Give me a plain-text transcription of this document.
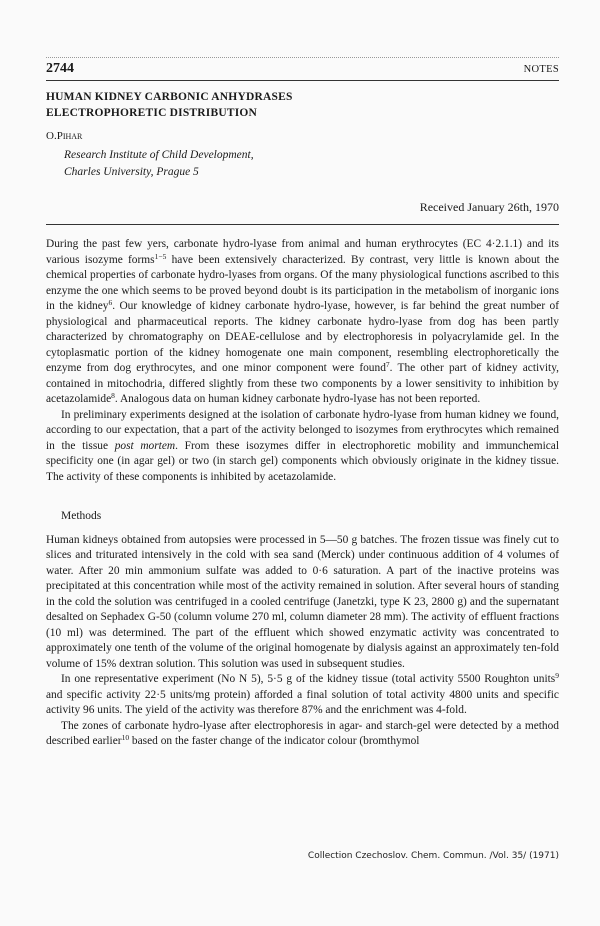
2744	NOTES
HUMAN KIDNEY CARBONIC ANHYDRASES
ELECTROPHORETIC DISTRIBUTION
O.Pihar
Research Institute of Child Development,
Charles University, Prague 5
Received January 26th, 1970

During the past few yers, carbonate hydro-lyase from animal and human erythrocytes (EC 4·2.1.1) and its various isozyme forms$^{1-5}$ have been extensively characterized. By contrast, very little is known about the chemical properties of carbonate hydro-lyases from organs. Of the many physiological functions ascribed to this enzyme the one which seems to be proved beyond doubt is its participation in the metabolism of inorganic ions in the kidney$^6$. Our knowledge of kidney carbonate hydro-lyase, however, is far behind the great number of physiological and pharmaceutical reports. The kidney carbonate hydro-lyase from dog has been partly characterized by chromatography on DEAE-cellulose and by electrophoresis in polyacrylamide gel. In the cytoplasmatic portion of the kidney homogenate one main component, resembling electrophoretically the enzyme from dog erythrocytes, and one minor component were found$^7$. The other part of kidney activity, contained in mitochodria, differed slightly from these two components by a lower sensitivity to inhibition by acetazolamide$^8$. Analogous data on human kidney carbonate hydro-lyase has not been reported.

In preliminary experiments designed at the isolation of carbonate hydro-lyase from human kidney we found, according to our expectation, that a part of the activity belonged to isozymes from erythrocytes which remained in the tissue post mortem. From these isozymes differ in electrophoretic mobility and immunchemical specificity one (in agar gel) or two (in starch gel) components which obviously originate in the kidney tissue. The activity of these components is inhibited by acetazolamide.

Methods

Human kidneys obtained from autopsies were processed in 5—50 g batches. The frozen tissue was finely cut to slices and triturated intensively in the cold with sea sand (Merck) under continuous addition of 4 volumes of water. After 20 min ammonium sulfate was added to 0·6 saturation. A part of the inactive proteins was precipitated at this concentration while most of the activity remained in solution. After several hours of standing in the cold the solution was centrifuged in a cooled centrifuge (Janetzki, type K 23, 2800 g) and the supernatant desalted on Sephadex G-50 (column volume 270 ml, column diameter 28 mm). The activity of effluent fractions (10 ml) was determined. The part of the effluent which showed enzymatic activity was concentrated to approximately one tenth of the volume of the original homogenate by dialysis against an approximately ten-fold volume of 15% dextran solution. This solution was used in subsequent studies.

In one representative experiment (No N 5), 5·5 g of the kidney tissue (total activity 5500 Roughton units$^9$ and specific activity 22·5 units/mg protein) afforded a final solution of total activity 4800 units and specific activity 96 units. The yield of the activity was therefore 87% and the enrichment was 4-fold.

The zones of carbonate hydro-lyase after electrophoresis in agar- and starch-gel were detected by a method described earlier$^{10}$ based on the faster change of the indicator colour (bromthymol

Collection Czechoslov. Chem. Commun. /Vol. 35/ (1971)
